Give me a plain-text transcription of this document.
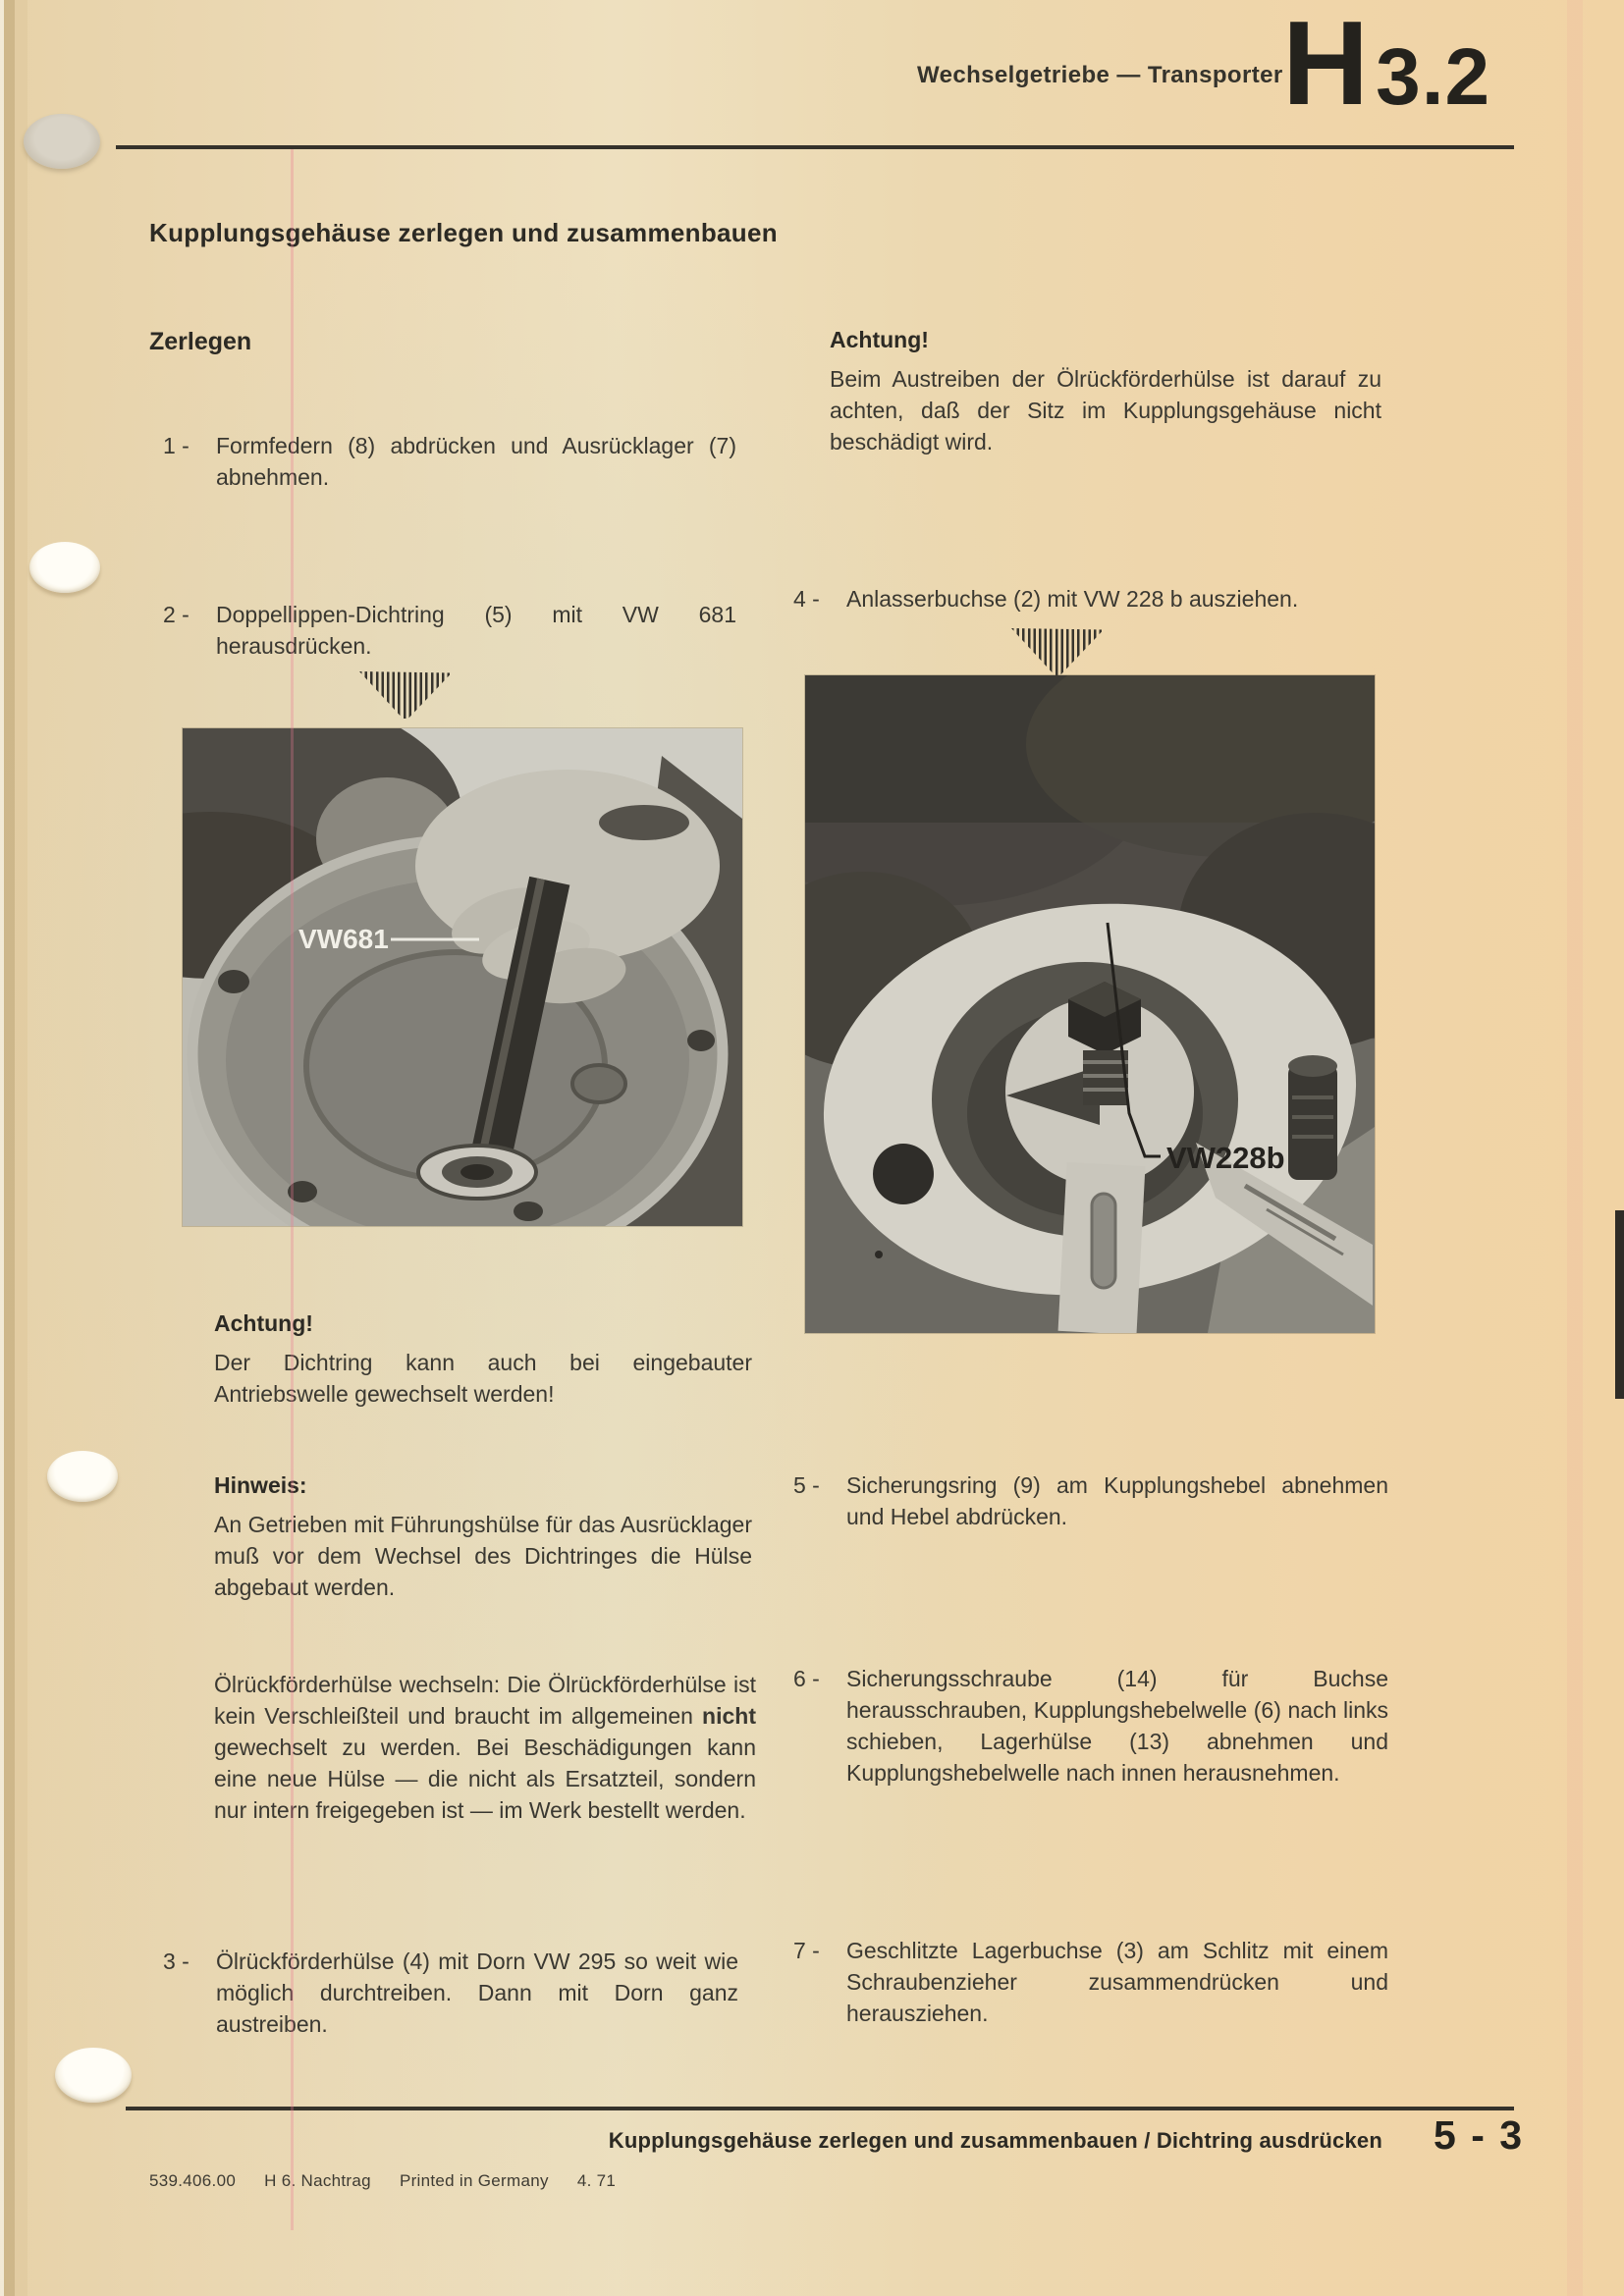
Wechselgetriebe — Transporter H 3.2
Kupplungsgehäuse zerlegen und zusammenbauen
Zerlegen
1 -	Formfedern (8) abdrücken und Ausrücklager (7) abnehmen.
2 -	Doppellippen-Dichtring (5) mit VW 681 herausdrücken.
VW681
Achtung!
Der Dichtring kann auch bei eingebauter Antriebswelle gewechselt werden!
Hinweis:
An Getrieben mit Führungshülse für das Ausrücklager muß vor dem Wechsel des Dichtringes die Hülse abgebaut werden.
Ölrückförderhülse wechseln: Die Ölrückförderhülse ist kein Verschleißteil und braucht im allgemeinen nicht gewechselt zu werden. Bei Beschädigungen kann eine neue Hülse — die nicht als Ersatzteil, sondern nur intern freigegeben ist — im Werk bestellt werden.
3 -	Ölrückförderhülse (4) mit Dorn VW 295 so weit wie möglich durchtreiben. Dann mit Dorn ganz austreiben.
Achtung!
Beim Austreiben der Ölrückförderhülse ist darauf zu achten, daß der Sitz im Kupplungsgehäuse nicht beschädigt wird.
4 -	Anlasserbuchse (2) mit VW 228 b ausziehen.
VW228b
5 -	Sicherungsring (9) am Kupplungshebel abnehmen und Hebel abdrücken.
6 -	Sicherungsschraube (14) für Buchse herausschrauben, Kupplungshebelwelle (6) nach links schieben, Lagerhülse (13) abnehmen und Kupplungshebelwelle nach innen herausnehmen.
7 -	Geschlitzte Lagerbuchse (3) am Schlitz mit einem Schraubenzieher zusammendrücken und herausziehen.
Kupplungsgehäuse zerlegen und zusammenbauen / Dichtring ausdrücken 5 - 3
539.406.00 H 6. Nachtrag Printed in Germany 4. 71
